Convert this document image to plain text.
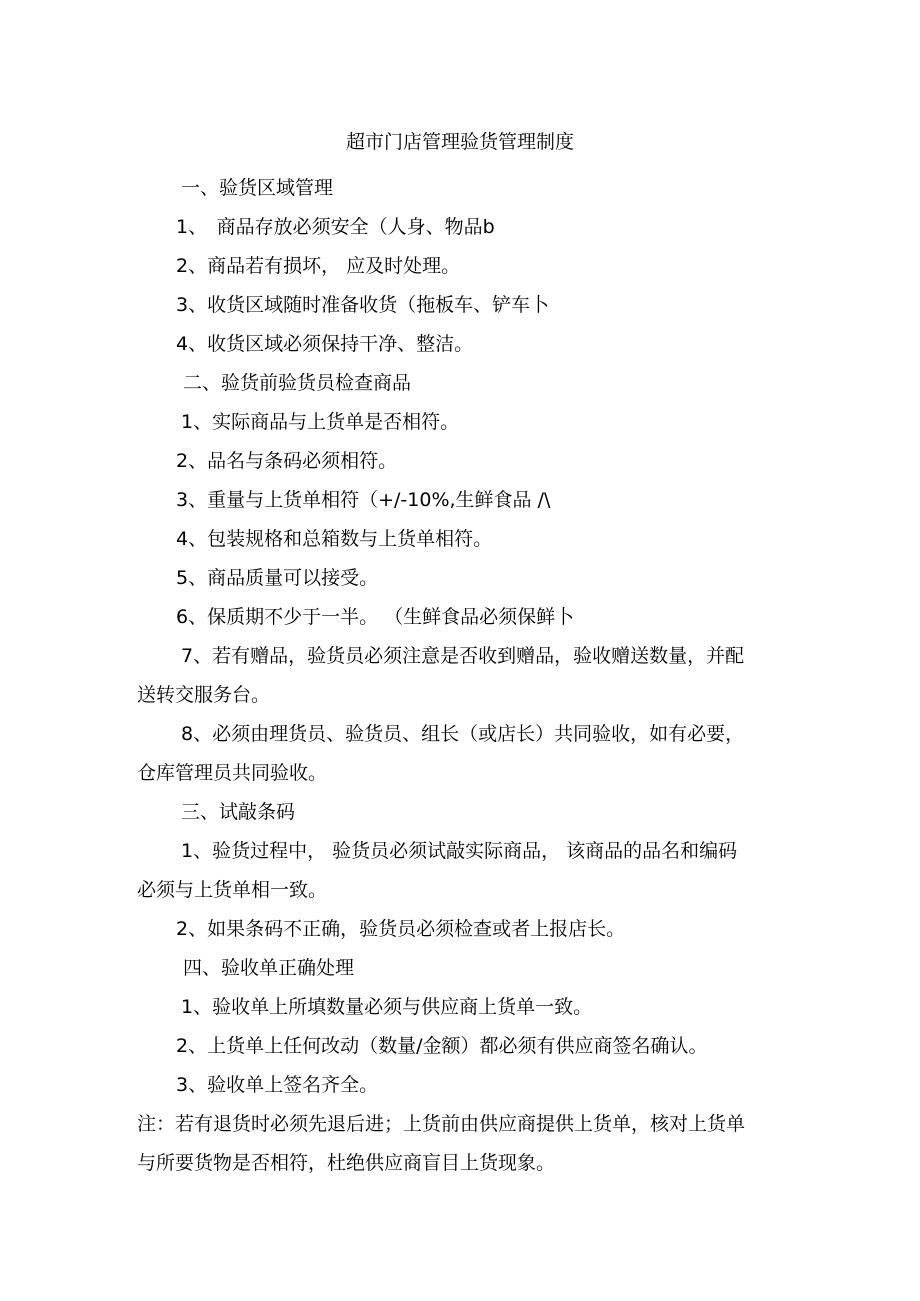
超市门店管理验货管理制度
一、验货区域管理
1、　商品存放必须安全（人身、物品b
2、商品若有损坏， 应及时处理。
3、收货区域随时准备收货（拖板车、铲车卜
4、收货区域必须保持干净、整洁。
二、验货前验货员检查商品
1、实际商品与上货单是否相符。
2、品名与条码必须相符。
3、重量与上货单相符（+/-10%,生鲜食品 /\
4、包装规格和总箱数与上货单相符。
5、商品质量可以接受。
6、保质期不少于一半。 （生鲜食品必须保鲜卜
7、若有赠品，验货员必须注意是否收到赠品，验收赠送数量，并配
送转交服务台。
8、必须由理货员、验货员、组长（或店长）共同验收，如有必要，
仓库管理员共同验收。
三、试敲条码
1、验货过程中， 验货员必须试敲实际商品， 该商品的品名和编码
必须与上货单相一致。
2、如果条码不正确，验货员必须检查或者上报店长。
四、验收单正确处理
1、验收单上所填数量必须与供应商上货单一致。
2、上货单上任何改动（数量/金额）都必须有供应商签名确认。
3、验收单上签名齐全。
注：若有退货时必须先退后进；上货前由供应商提供上货单，核对上货单
与所要货物是否相符，杜绝供应商盲目上货现象。
